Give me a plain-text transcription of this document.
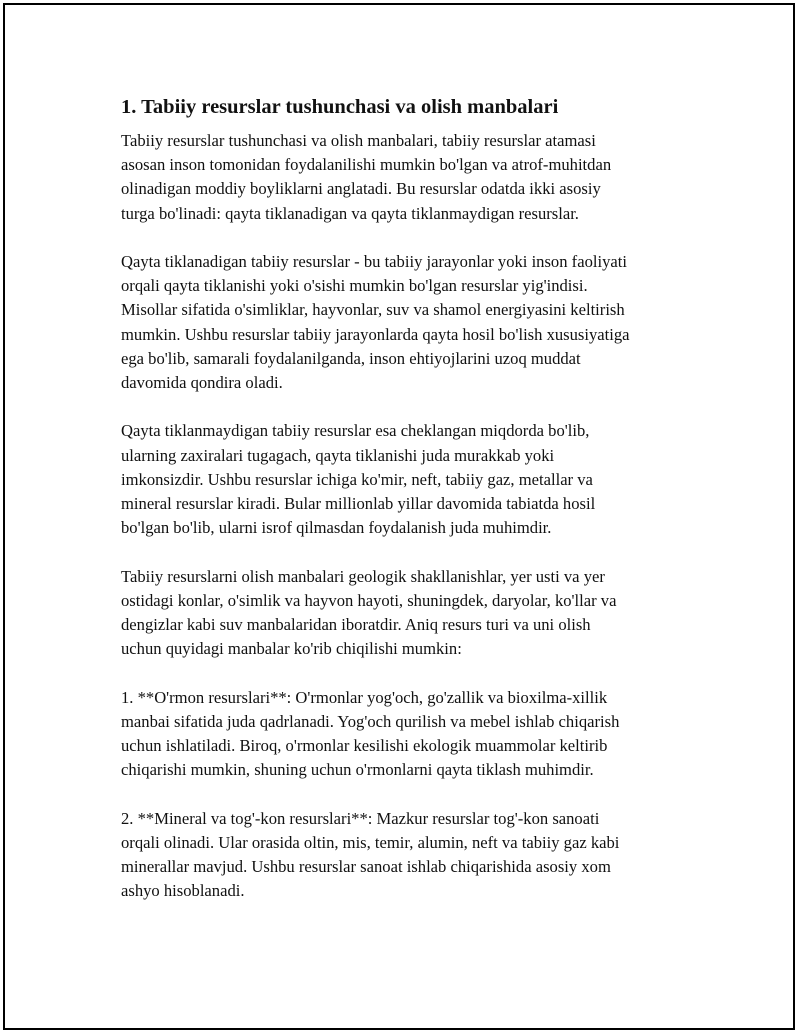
1. Tabiiy resurslar tushunchasi va olish manbalari

Tabiiy resurslar tushunchasi va olish manbalari, tabiiy resurslar atamasi
asosan inson tomonidan foydalanilishi mumkin bo'lgan va atrof-muhitdan
olinadigan moddiy boyliklarni anglatadi. Bu resurslar odatda ikki asosiy
turga bo'linadi: qayta tiklanadigan va qayta tiklanmaydigan resurslar.

Qayta tiklanadigan tabiiy resurslar - bu tabiiy jarayonlar yoki inson faoliyati
orqali qayta tiklanishi yoki o'sishi mumkin bo'lgan resurslar yig'indisi.
Misollar sifatida o'simliklar, hayvonlar, suv va shamol energiyasini keltirish
mumkin. Ushbu resurslar tabiiy jarayonlarda qayta hosil bo'lish xususiyatiga
ega bo'lib, samarali foydalanilganda, inson ehtiyojlarini uzoq muddat
davomida qondira oladi.

Qayta tiklanmaydigan tabiiy resurslar esa cheklangan miqdorda bo'lib,
ularning zaxiralari tugagach, qayta tiklanishi juda murakkab yoki
imkonsizdir. Ushbu resurslar ichiga ko'mir, neft, tabiiy gaz, metallar va
mineral resurslar kiradi. Bular millionlab yillar davomida tabiatda hosil
bo'lgan bo'lib, ularni isrof qilmasdan foydalanish juda muhimdir.

Tabiiy resurslarni olish manbalari geologik shakllanishlar, yer usti va yer
ostidagi konlar, o'simlik va hayvon hayoti, shuningdek, daryolar, ko'llar va
dengizlar kabi suv manbalaridan iboratdir. Aniq resurs turi va uni olish
uchun quyidagi manbalar ko'rib chiqilishi mumkin:

1. **O'rmon resurslari**: O'rmonlar yog'och, go'zallik va bioxilma-xillik
manbai sifatida juda qadrlanadi. Yog'och qurilish va mebel ishlab chiqarish
uchun ishlatiladi. Biroq, o'rmonlar kesilishi ekologik muammolar keltirib
chiqarishi mumkin, shuning uchun o'rmonlarni qayta tiklash muhimdir.

2. **Mineral va tog'-kon resurslari**: Mazkur resurslar tog'-kon sanoati
orqali olinadi. Ular orasida oltin, mis, temir, alumin, neft va tabiiy gaz kabi
minerallar mavjud. Ushbu resurslar sanoat ishlab chiqarishida asosiy xom
ashyo hisoblanadi.
